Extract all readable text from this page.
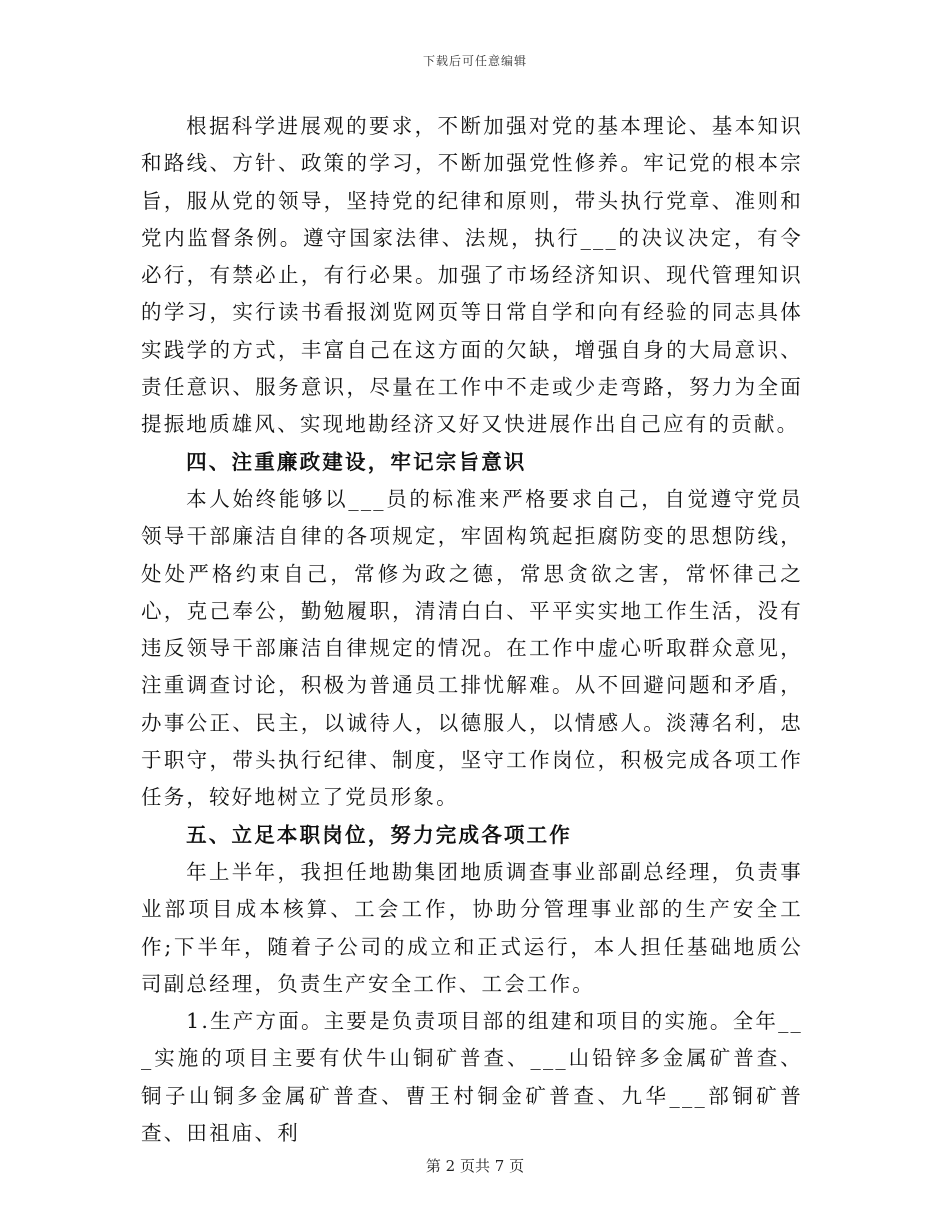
下载后可任意编辑

根据科学进展观的要求，不断加强对党的基本理论、基本知识和路线、方针、政策的学习，不断加强党性修养。牢记党的根本宗旨，服从党的领导，坚持党的纪律和原则，带头执行党章、准则和党内监督条例。遵守国家法律、法规，执行___的决议决定，有令必行，有禁必止，有行必果。加强了市场经济知识、现代管理知识的学习，实行读书看报浏览网页等日常自学和向有经验的同志具体实践学的方式，丰富自己在这方面的欠缺，增强自身的大局意识、责任意识、服务意识，尽量在工作中不走或少走弯路，努力为全面提振地质雄风、实现地勘经济又好又快进展作出自己应有的贡献。

四、注重廉政建设，牢记宗旨意识

本人始终能够以___员的标准来严格要求自己，自觉遵守党员领导干部廉洁自律的各项规定，牢固构筑起拒腐防变的思想防线，处处严格约束自己，常修为政之德，常思贪欲之害，常怀律己之心，克己奉公，勤勉履职，清清白白、平平实实地工作生活，没有违反领导干部廉洁自律规定的情况。在工作中虚心听取群众意见，注重调查讨论，积极为普通员工排忧解难。从不回避问题和矛盾，办事公正、民主，以诚待人，以德服人，以情感人。淡薄名利，忠于职守，带头执行纪律、制度，坚守工作岗位，积极完成各项工作任务，较好地树立了党员形象。

五、立足本职岗位，努力完成各项工作

年上半年，我担任地勘集团地质调查事业部副总经理，负责事业部项目成本核算、工会工作，协助分管理事业部的生产安全工作;下半年，随着子公司的成立和正式运行，本人担任基础地质公司副总经理，负责生产安全工作、工会工作。

1.生产方面。主要是负责项目部的组建和项目的实施。全年___实施的项目主要有伏牛山铜矿普查、___山铅锌多金属矿普查、铜子山铜多金属矿普查、曹王村铜金矿普查、九华___部铜矿普查、田祖庙、利

第 2 页共 7 页
